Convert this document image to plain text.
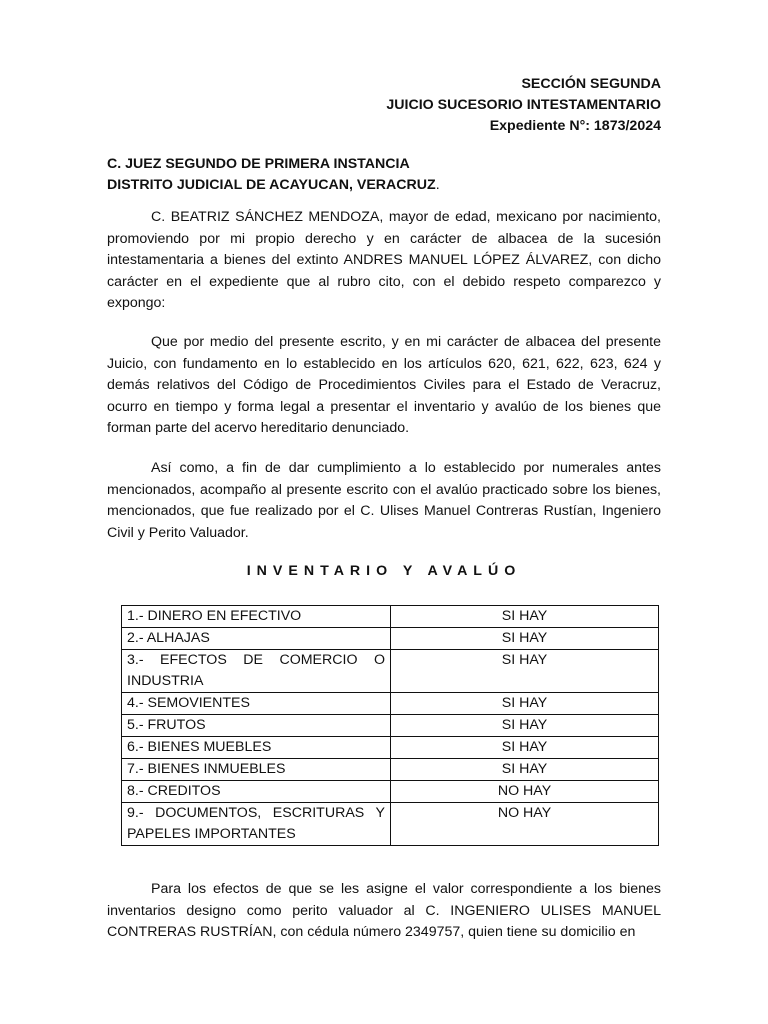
SECCIÓN SEGUNDA
JUICIO SUCESORIO INTESTAMENTARIO
Expediente N°: 1873/2024
C. JUEZ SEGUNDO DE PRIMERA INSTANCIA
DISTRITO JUDICIAL DE ACAYUCAN, VERACRUZ.

C. BEATRIZ SÁNCHEZ MENDOZA, mayor de edad, mexicano por nacimiento, promoviendo por mi propio derecho y en carácter de albacea de la sucesión intestamentaria a bienes del extinto ANDRES MANUEL LÓPEZ ÁLVAREZ, con dicho carácter en el expediente que al rubro cito, con el debido respeto comparezco y expongo:

Que por medio del presente escrito, y en mi carácter de albacea del presente Juicio, con fundamento en lo establecido en los artículos 620, 621, 622, 623, 624 y demás relativos del Código de Procedimientos Civiles para el Estado de Veracruz, ocurro en tiempo y forma legal a presentar el inventario y avalúo de los bienes que forman parte del acervo hereditario denunciado.

Así como, a fin de dar cumplimiento a lo establecido por numerales antes mencionados, acompaño al presente escrito con el avalúo practicado sobre los bienes, mencionados, que fue realizado por el C. Ulises Manuel Contreras Rustían, Ingeniero Civil y Perito Valuador.

INVENTARIO Y AVALÚO
1.- DINERO EN EFECTIVO	SI HAY
2.- ALHAJAS	SI HAY
3.- EFECTOS DE COMERCIO O INDUSTRIA	SI HAY
4.- SEMOVIENTES	SI HAY
5.- FRUTOS	SI HAY
6.- BIENES MUEBLES	SI HAY
7.- BIENES INMUEBLES	SI HAY
8.- CREDITOS	NO HAY
9.- DOCUMENTOS, ESCRITURAS Y PAPELES IMPORTANTES	NO HAY

Para los efectos de que se les asigne el valor correspondiente a los bienes inventarios designo como perito valuador al C. INGENIERO ULISES MANUEL CONTRERAS RUSTRÍAN, con cédula número 2349757, quien tiene su domicilio en
